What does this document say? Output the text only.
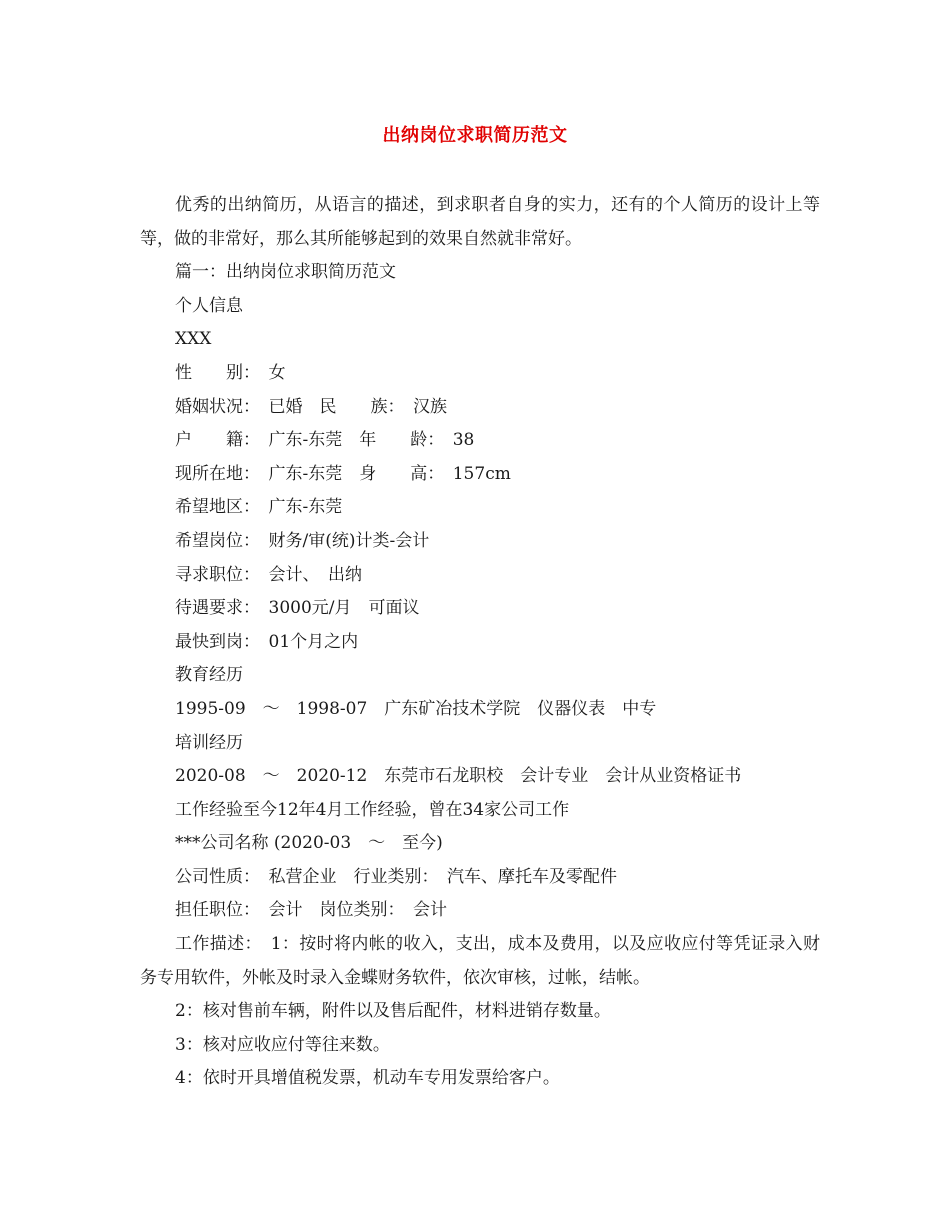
出纳岗位求职简历范文

优秀的出纳简历，从语言的描述，到求职者自身的实力，还有的个人简历的设计上等等，做的非常好，那么其所能够起到的效果自然就非常好。

篇一：出纳岗位求职简历范文

个人信息

XXX

性　　别：　女

婚姻状况：　已婚　民　　族：　汉族

户　　籍：　广东-东莞　年　　龄：　38

现所在地：　广东-东莞　身　　高：　157cm

希望地区：　广东-东莞

希望岗位：　财务/审(统)计类-会计

寻求职位：　会计、　出纳

待遇要求：　3000元/月　可面议

最快到岗：　01个月之内

教育经历

1995-09　～　1998-07　广东矿冶技术学院　仪器仪表　中专

培训经历

2020-08　～　2020-12　东莞市石龙职校　会计专业　会计从业资格证书

工作经验至今12年4月工作经验，曾在34家公司工作

***公司名称 (2020-03　～　至今)

公司性质：　私营企业　行业类别：　汽车、摩托车及零配件

担任职位：　会计　岗位类别：　会计

工作描述：　1：按时将内帐的收入，支出，成本及费用，以及应收应付等凭证录入财务专用软件，外帐及时录入金蝶财务软件，依次审核，过帐，结帐。

2：核对售前车辆，附件以及售后配件，材料进销存数量。

3：核对应收应付等往来数。

4：依时开具增值税发票，机动车专用发票给客户。
